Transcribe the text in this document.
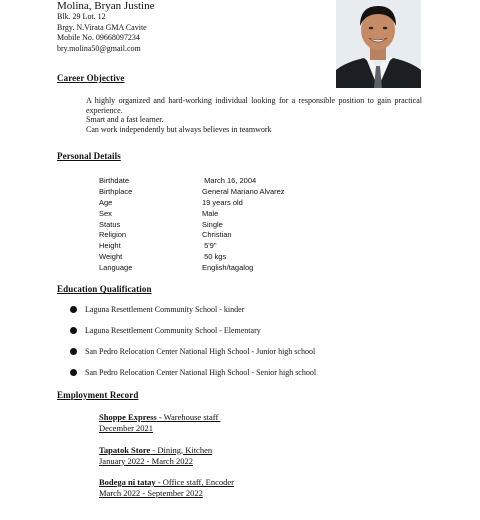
Molina, Bryan Justine
Blk. 29 Lot. 12
Brgy. N.Virata GMA Cavite
Mobile No. 09668097234
bry.molina50@gmail.com
Career Objective

A highly organized and hard-working individual looking for a responsible position to gain practical experience.

Smart and a fast learner.

Can work independently but always believes in teamwork

Personal Details
Birthdate	March 16, 2004
Birthplace	General Mariano Alvarez
Age	19 years old
Sex	Male
Status	Single
Religion	Christian
Height	5'9"
Weight	50 kgs
Language	English/tagalog
Education Qualification
Laguna Resettlement Community School - kinder
Laguna Resettlement Community School - Elementary
San Pedro Relocation Center National High School - Junior high school
San Pedro Relocation Center National High School - Senior high school
Employment Record
Shoppe Express - Warehouse staff
December 2021
Tapatok Store - Dining, Kitchen
January 2022 - March 2022
Bodega ni tatay - Office staff, Encoder
March 2022 - September 2022
